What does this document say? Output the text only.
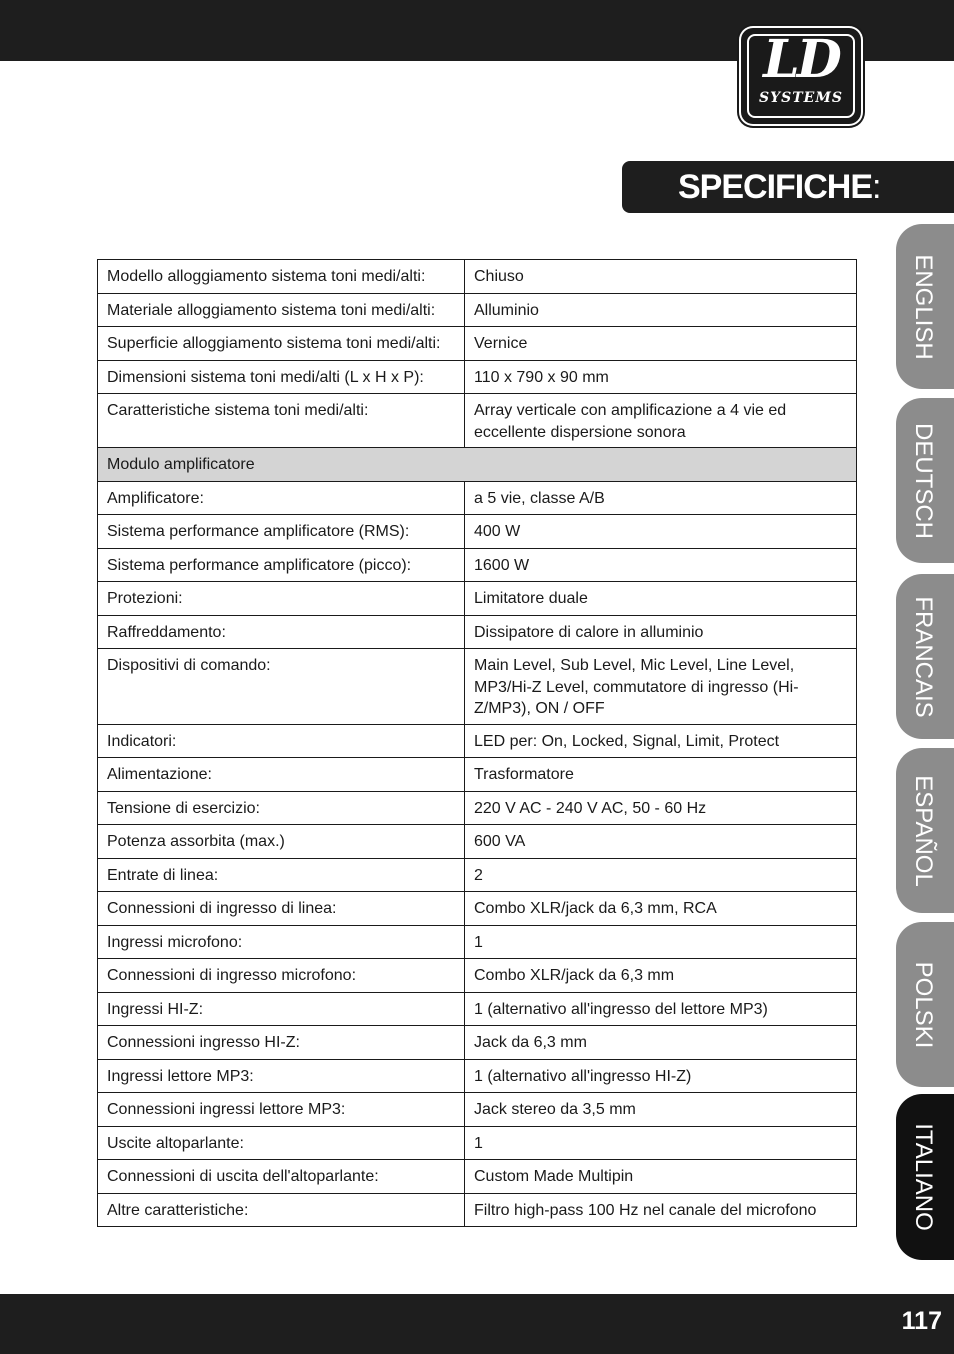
LD
SYSTEMS
SPECIFICHE:
ENGLISH
DEUTSCH
FRANCAIS
ESPAÑOL
POLSKI
ITALIANO
Modello alloggiamento sistema toni medi/alti:	Chiuso
Materiale alloggiamento sistema toni medi/alti:	Alluminio
Superficie alloggiamento sistema toni medi/alti:	Vernice
Dimensioni sistema toni medi/alti (L x H x P):	110 x 790 x 90 mm
Caratteristiche sistema toni medi/alti:	Array verticale con amplificazione a 4 vie ed eccellente dispersione sonora
Modulo amplificatore	
Amplificatore:	a 5 vie, classe A/B
Sistema performance amplificatore (RMS):	400 W
Sistema performance amplificatore (picco):	1600 W
Protezioni:	Limitatore duale
Raffreddamento:	Dissipatore di calore in alluminio
Dispositivi di comando:	Main Level, Sub Level, Mic Level, Line Level, MP3/Hi-Z Level, commutatore di ingresso (Hi-Z/MP3), ON / OFF
Indicatori:	LED per: On, Locked, Signal, Limit, Protect
Alimentazione:	Trasformatore
Tensione di esercizio:	220 V AC - 240 V AC, 50 - 60 Hz
Potenza assorbita (max.)	600 VA
Entrate di linea:	2
Connessioni di ingresso di linea:	Combo XLR/jack da 6,3 mm, RCA
Ingressi microfono:	1
Connessioni di ingresso microfono:	Combo XLR/jack da 6,3 mm
Ingressi HI-Z:	1 (alternativo all'ingresso del lettore MP3)
Connessioni ingresso HI-Z:	Jack da 6,3 mm
Ingressi lettore MP3:	1 (alternativo all'ingresso HI-Z)
Connessioni ingressi lettore MP3:	Jack stereo da 3,5 mm
Uscite altoparlante:	1
Connessioni di uscita dell'altoparlante:	Custom Made Multipin
Altre caratteristiche:	Filtro high-pass 100 Hz nel canale del microfono
117
